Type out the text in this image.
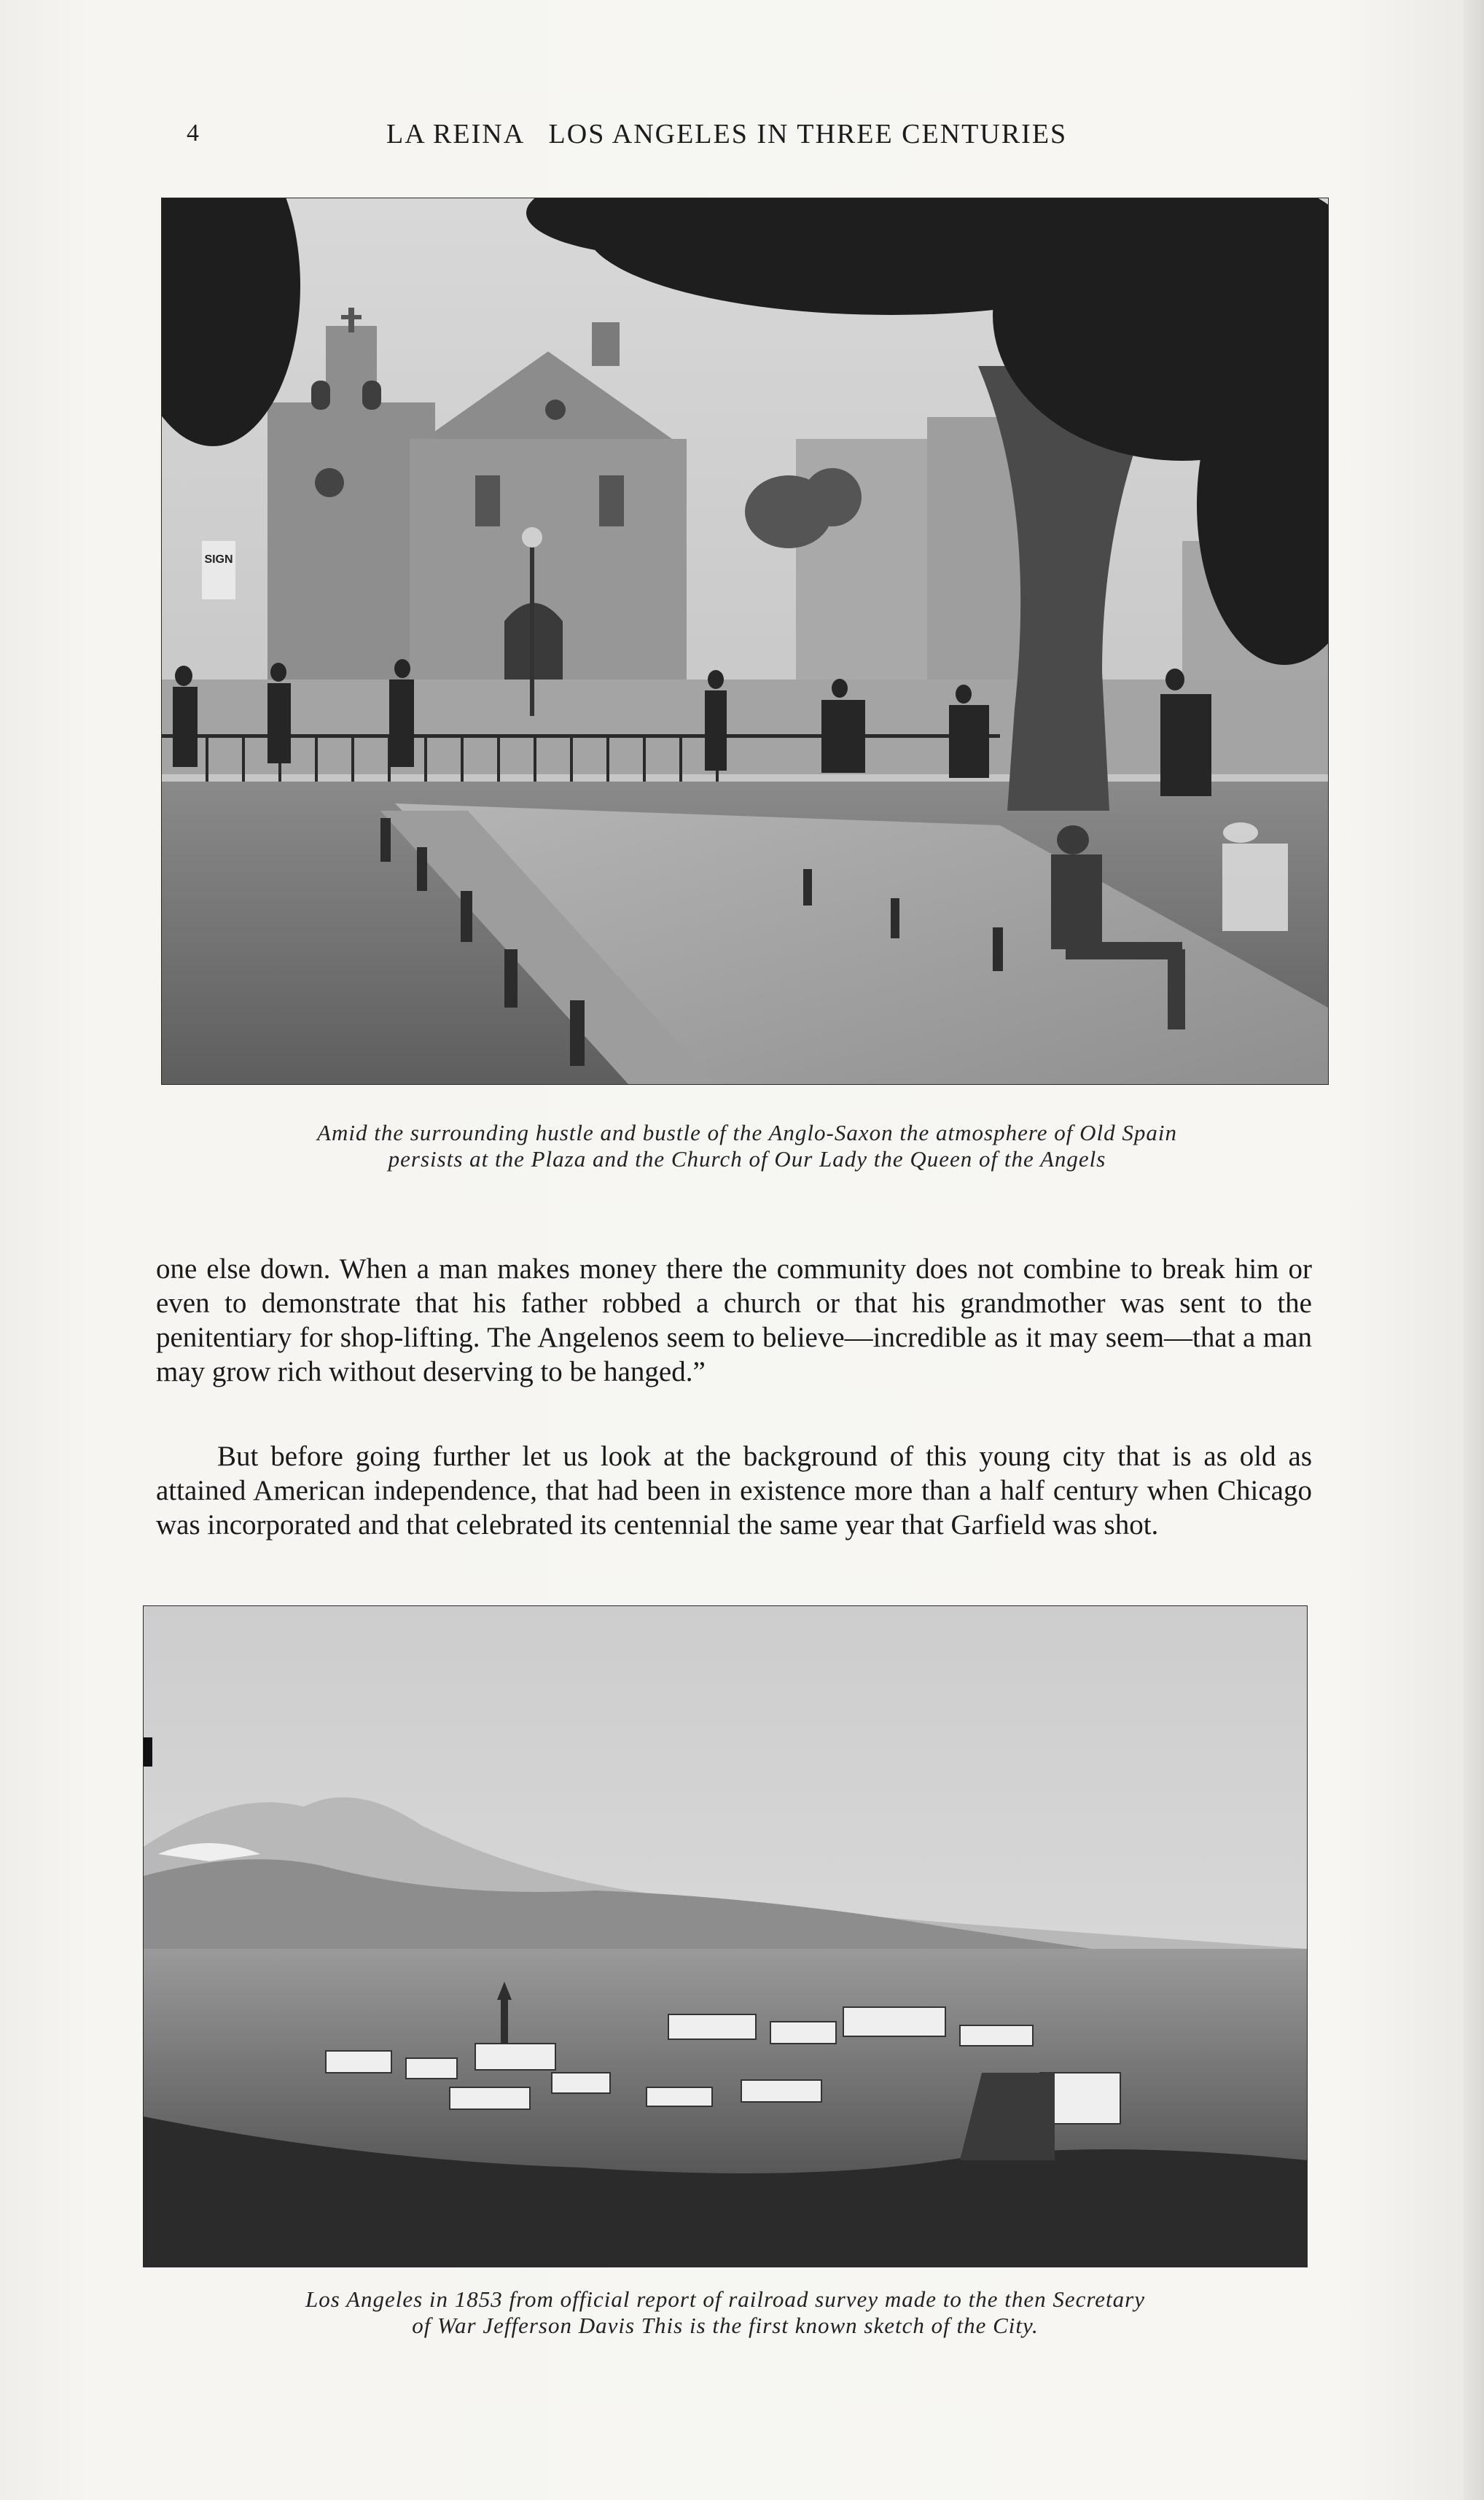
4	LA REINA   LOS ANGELES IN THREE CENTURIES
SIGN
Amid the surrounding hustle and bustle of the Anglo-Saxon the atmosphere of Old Spain
persists at the Plaza and the Church of Our Lady the Queen of the Angels

one else down. When a man makes money there the community does not combine to break him or even to demonstrate that his father robbed a church or that his grandmother was sent to the penitentiary for shop-lifting. The Angelenos seem to believe—incredible as it may seem—that a man may grow rich without deserving to be hanged.”

But before going further let us look at the background of this young city that is as old as attained American independence, that had been in existence more than a half century when Chicago was incorporated and that celebrated its centennial the same year that Garfield was shot.

Los Angeles in 1853 from official report of railroad survey made to the then Secretary
of War Jefferson Davis This is the first known sketch of the City.
